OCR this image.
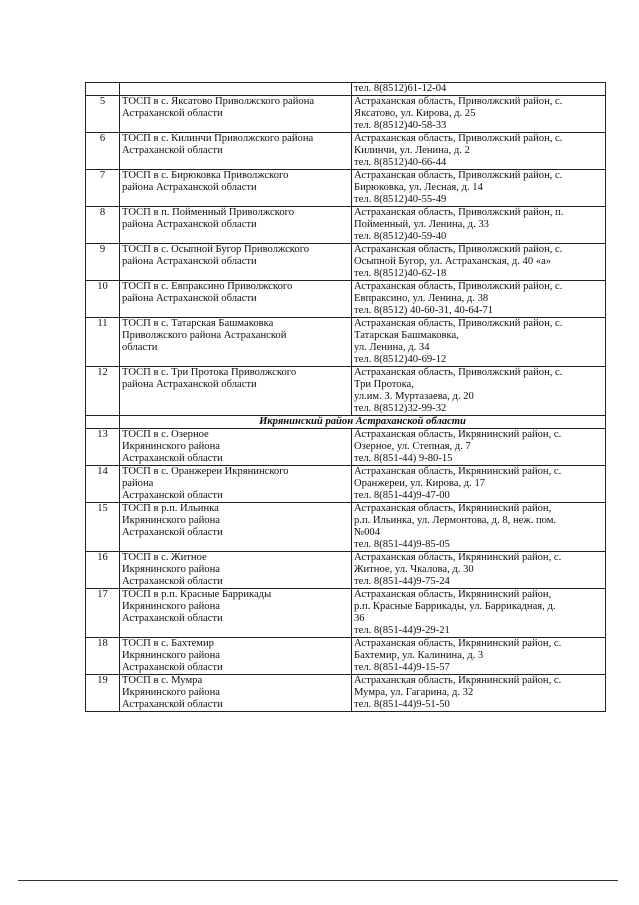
		тел. 8(8512)61-12-04

5	ТОСП в с. Яксатово Приволжского района
Астраханской области	Астраханская область, Приволжский район, с.
Яксатово, ул. Кирова, д. 25
тел. 8(8512)40-58-33

6	ТОСП в с. Килинчи Приволжского района
Астраханской области	Астраханская область, Приволжский район, с.
Килинчи, ул. Ленина, д. 2
тел. 8(8512)40-66-44

7	ТОСП в с. Бирюковка Приволжского
района Астраханской области	Астраханская область, Приволжский район, с.
Бирюковка, ул. Лесная, д. 14
тел. 8(8512)40-55-49

8	ТОСП в п. Пойменный Приволжского
района Астраханской области	Астраханская область, Приволжский район, п.
Пойменный, ул. Ленина, д. 33
тел. 8(8512)40-59-40

9	ТОСП в с. Осыпной Бугор Приволжского
района Астраханской области	Астраханская область, Приволжский район, с.
Осыпной Бугор, ул. Астраханская, д. 40 «а»
тел. 8(8512)40-62-18

10	ТОСП в с. Евпраксино Приволжского
района Астраханской области	Астраханская область, Приволжский район, с.
Евпраксино, ул. Ленина, д. 38
тел. 8(8512) 40-60-31, 40-64-71

11	ТОСП в с. Татарская Башмаковка
Приволжского района Астраханской
области	Астраханская область, Приволжский район, с.
Татарская Башмаковка,
ул. Ленина, д. 34
тел. 8(8512)40-69-12

12	ТОСП в с. Три Протока Приволжского
района Астраханской области	Астраханская область, Приволжский район, с.
Три Протока,
ул.им. З. Муртазаева, д. 20
тел. 8(8512)32-99-32

	Икрянинский район Астраханской области	
13	ТОСП в с. Озерное
Икрянинского района
Астраханской области	Астраханская область, Икрянинский район, с.
Озерное, ул. Степная, д. 7
тел. 8(851-44) 9-80-15

14	ТОСП в с. Оранжереи Икрянинского
района
Астраханской области	Астраханская область, Икрянинский район, с.
Оранжереи, ул. Кирова, д. 17
тел. 8(851-44)9-47-00

15	ТОСП в р.п. Ильинка
Икрянинского района
Астраханской области	Астраханская область, Икрянинский район,
р.п. Ильинка, ул. Лермонтова, д. 8, неж. пом.
№004
тел. 8(851-44)9-85-05

16	ТОСП в с. Житное
Икрянинского района
Астраханской области	Астраханская область, Икрянинский район, с.
Житное, ул. Чкалова, д. 30
тел. 8(851-44)9-75-24

17	ТОСП в р.п. Красные Баррикады
Икрянинского района
Астраханской области	Астраханская область, Икрянинский район,
р.п. Красные Баррикады, ул. Баррикадная, д.
36
тел. 8(851-44)9-29-21

18	ТОСП в с. Бахтемир
Икрянинского района
Астраханской области	Астраханская область, Икрянинский район, с.
Бахтемир, ул. Калинина, д. 3
тел. 8(851-44)9-15-57

19	ТОСП в с. Мумра
Икрянинского района
Астраханской области	Астраханская область, Икрянинский район, с.
Мумра, ул. Гагарина, д. 32
тел. 8(851-44)9-51-50
